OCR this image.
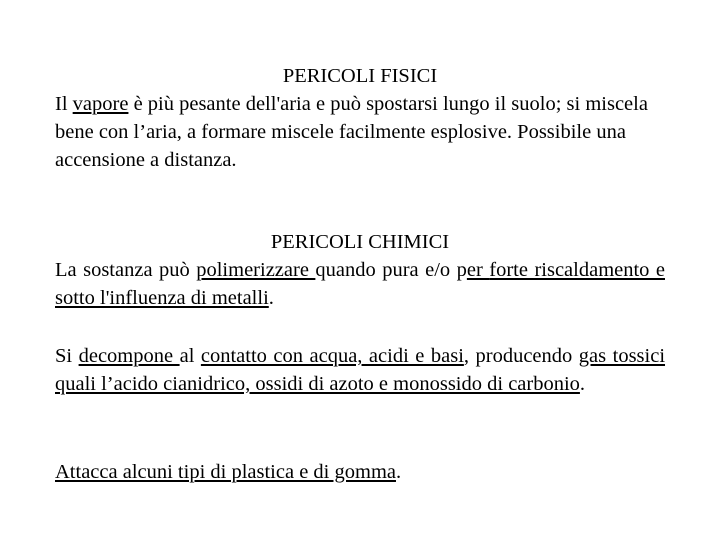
PERICOLI FISICI

Il vapore è più pesante dell'aria e può spostarsi lungo il suolo; si miscela bene con l’aria, a formare miscele facilmente esplosive. Possibile una accensione a distanza.

PERICOLI CHIMICI

La sostanza può polimerizzare quando pura e/o per forte riscaldamento e sotto l'influenza di metalli.

Si decompone al contatto con acqua, acidi e basi, producendo gas tossici quali l’acido cianidrico, ossidi di azoto e monossido di carbonio.

Attacca alcuni tipi di plastica e di gomma.
